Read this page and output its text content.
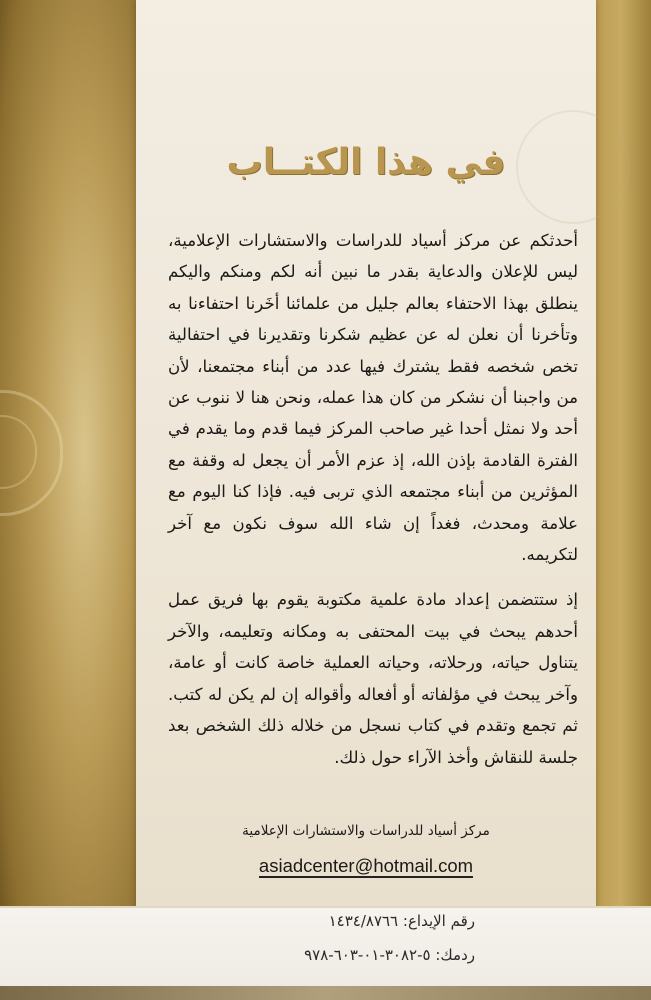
في هذا الكتــاب

أحدثكم عن مركز أسياد للدراسات والاستشارات الإعلامية، ليس للإعلان والدعاية بقدر ما نبين أنه لكم ومنكم واليكم ينطلق بهذا الاحتفاء بعالم جليل من علمائنا أخَرنا احتفاءنا به وتأخرنا أن نعلن له عن عظيم شكرنا وتقديرنا في احتفالية تخص شخصه فقط يشترك فيها عدد من أبناء مجتمعنا، لأن من واجبنا أن نشكر من كان هذا عمله، ونحن هنا لا ننوب عن أحد ولا نمثل أحدا غير صاحب المركز فيما قدم وما يقدم في الفترة القادمة بإذن الله، إذ عزم الأمر أن يجعل له وقفة مع المؤثرين من أبناء مجتمعه الذي تربى فيه. فإذا كنا اليوم مع علامة ومحدث، فغداً إن شاء الله سوف نكون مع آخر لتكريمه.

إذ ستتضمن إعداد مادة علمية مكتوبة يقوم بها فريق عمل أحدهم يبحث في بيت المحتفى به ومكانه وتعليمه، والآخر يتناول حياته، ورحلاته، وحياته العملية خاصة كانت أو عامة، وآخر يبحث في مؤلفاته أو أفعاله وأقواله إن لم يكن له كتب. ثم تجمع وتقدم في كتاب نسجل من خلاله ذلك الشخص بعد جلسة للنقاش وأخذ الآراء حول ذلك.

مركز أسياد للدراسات والاستشارات الإعلامية
asiadcenter@hotmail.com
رقم الإيداع: ١٤٣٤/٨٧٦٦
ردمك: ٥-٣٠٨٢-٠١-٦٠٣-٩٧٨
